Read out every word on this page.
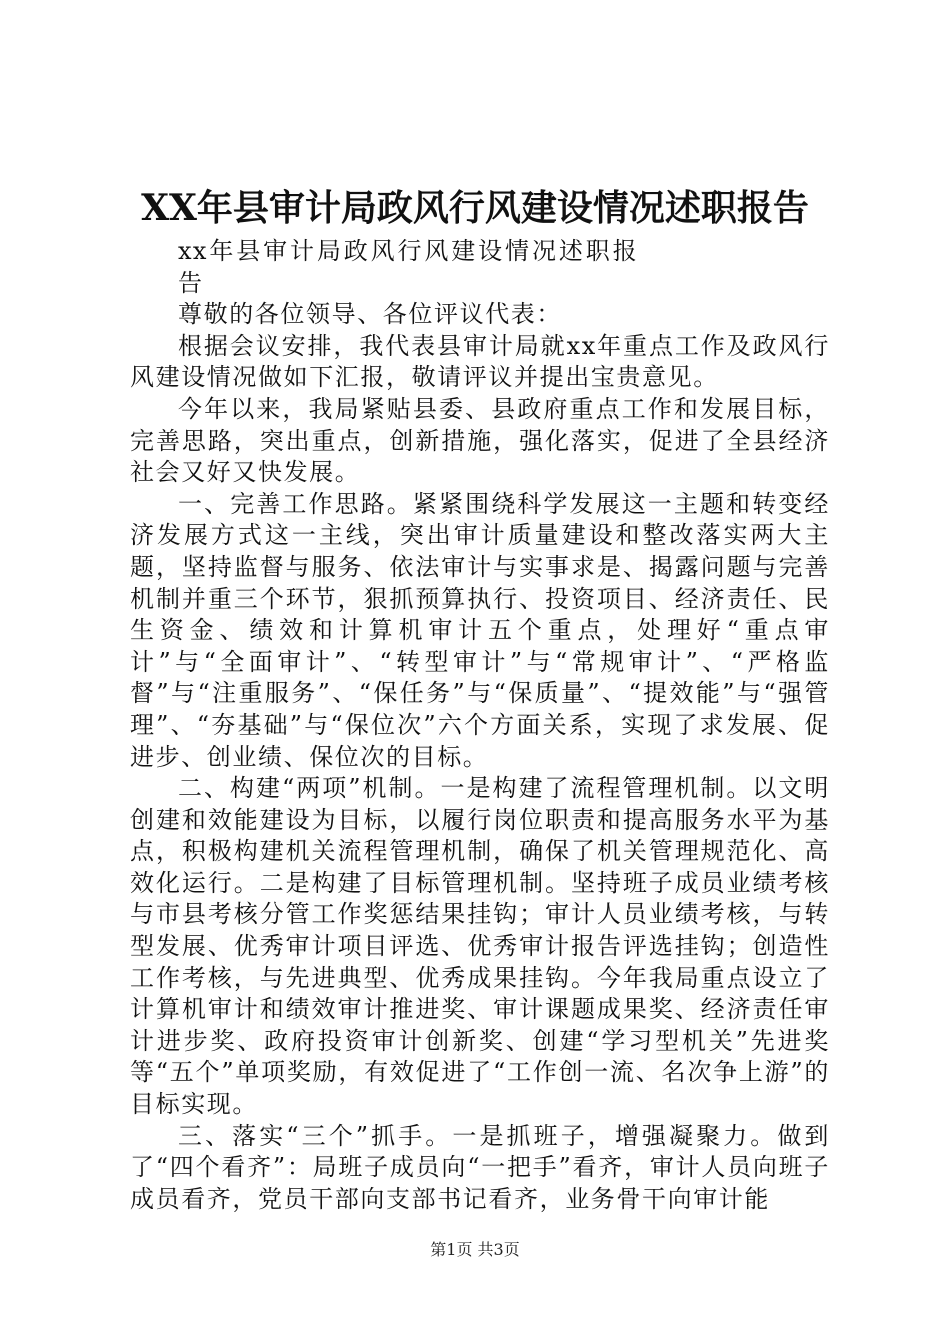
XX年县审计局政风行风建设情况述职报告

xx年县审计局政风行风建设情况述职报告

尊敬的各位领导、各位评议代表：

根据会议安排，我代表县审计局就xx年重点工作及政风行风建设情况做如下汇报，敬请评议并提出宝贵意见。

今年以来，我局紧贴县委、县政府重点工作和发展目标，完善思路，突出重点，创新措施，强化落实，促进了全县经济社会又好又快发展。

一、完善工作思路。紧紧围绕科学发展这一主题和转变经济发展方式这一主线，突出审计质量建设和整改落实两大主题，坚持监督与服务、依法审计与实事求是、揭露问题与完善机制并重三个环节，狠抓预算执行、投资项目、经济责任、民生资金、绩效和计算机审计五个重点，处理好“重点审计”与“全面审计”、“转型审计”与“常规审计”、“严格监督”与“注重服务”、“保任务”与“保质量”、“提效能”与“强管理”、“夯基础”与“保位次”六个方面关系，实现了求发展、促进步、创业绩、保位次的目标。

二、构建“两项”机制。一是构建了流程管理机制。以文明创建和效能建设为目标，以履行岗位职责和提高服务水平为基点，积极构建机关流程管理机制，确保了机关管理规范化、高效化运行。二是构建了目标管理机制。坚持班子成员业绩考核与市县考核分管工作奖惩结果挂钩；审计人员业绩考核，与转型发展、优秀审计项目评选、优秀审计报告评选挂钩；创造性工作考核，与先进典型、优秀成果挂钩。今年我局重点设立了计算机审计和绩效审计推进奖、审计课题成果奖、经济责任审计进步奖、政府投资审计创新奖、创建“学习型机关”先进奖等“五个”单项奖励，有效促进了“工作创一流、名次争上游”的目标实现。

三、落实“三个”抓手。一是抓班子，增强凝聚力。做到了“四个看齐”：局班子成员向“一把手”看齐，审计人员向班子成员看齐，党员干部向支部书记看齐，业务骨干向审计能

第1页 共3页
